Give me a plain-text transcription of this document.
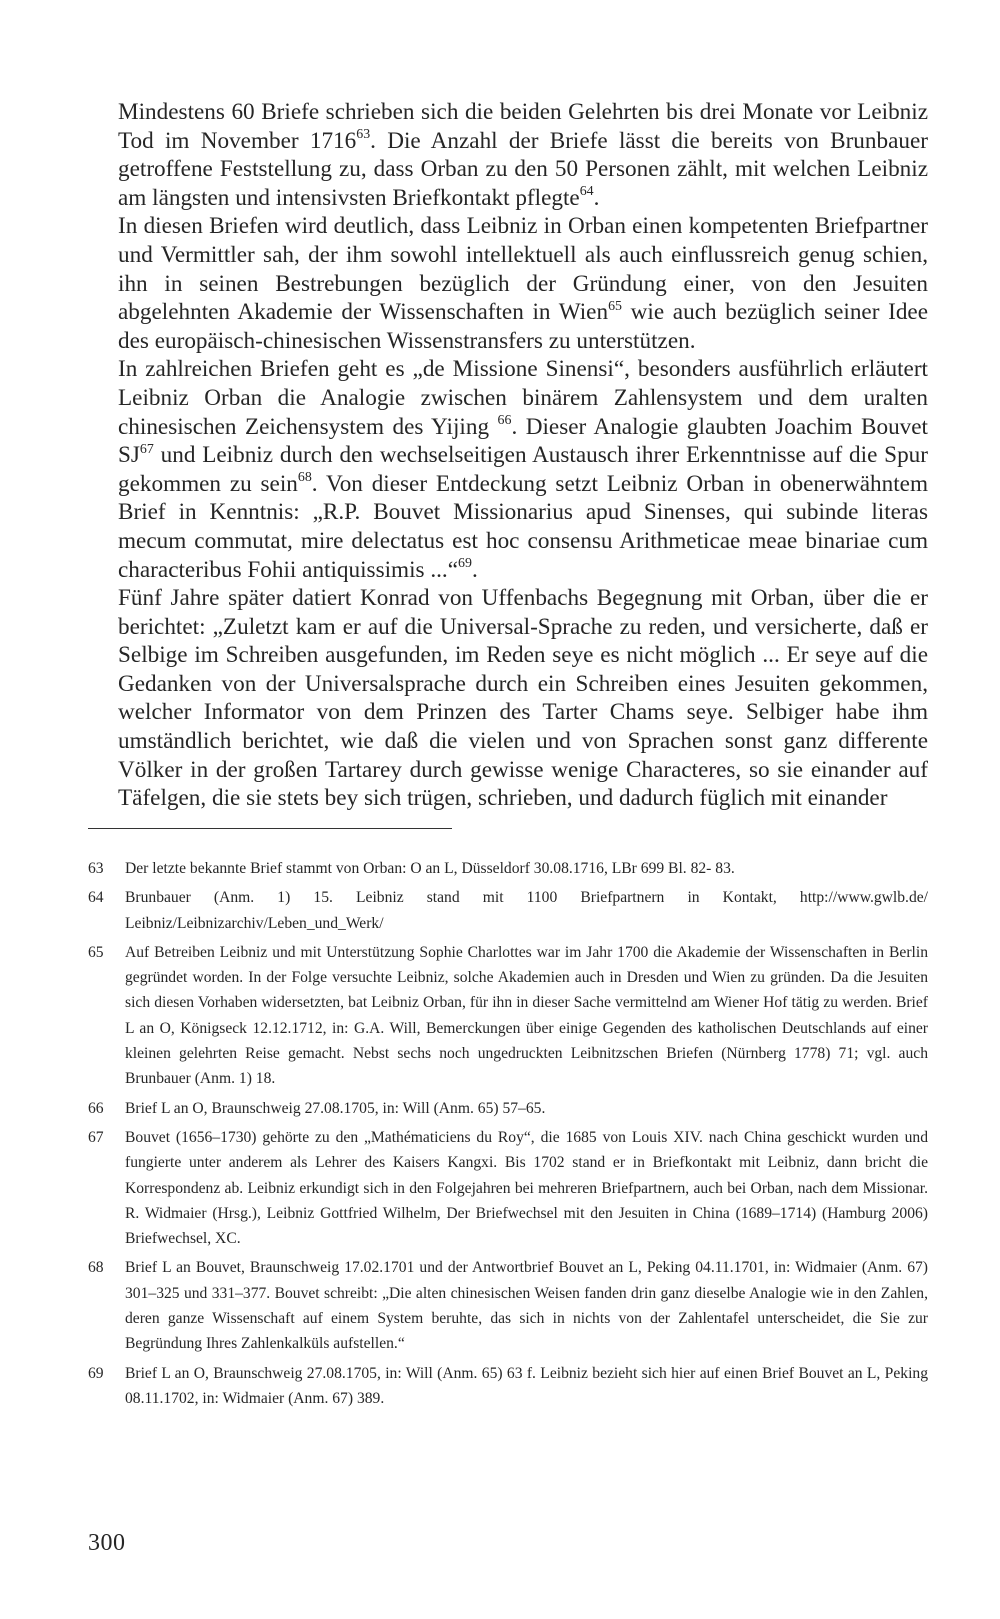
Mindestens 60 Briefe schrieben sich die beiden Gelehrten bis drei Monate vor Leibniz Tod im November 1716$^{63}$. Die Anzahl der Briefe lässt die bereits von Brunbauer getroffene Feststellung zu, dass Orban zu den 50 Personen zählt, mit welchen Leibniz am längsten und intensivsten Briefkontakt pflegte$^{64}$.

In diesen Briefen wird deutlich, dass Leibniz in Orban einen kompetenten Briefpartner und Vermittler sah, der ihm sowohl intellektuell als auch einflussreich genug schien, ihn in seinen Bestrebungen bezüglich der Gründung einer, von den Jesuiten abgelehnten Akademie der Wissenschaften in Wien$^{65}$ wie auch bezüglich seiner Idee des europäisch-chinesischen Wissenstransfers zu unterstützen.

In zahlreichen Briefen geht es „de Missione Sinensi“, besonders ausführlich erläutert Leibniz Orban die Analogie zwischen binärem Zahlensystem und dem uralten chinesischen Zeichensystem des Yijing $^{66}$. Dieser Analogie glaubten Joachim Bouvet SJ$^{67}$ und Leibniz durch den wechselseitigen Austausch ihrer Erkenntnisse auf die Spur gekommen zu sein$^{68}$. Von dieser Entdeckung setzt Leibniz Orban in obenerwähntem Brief in Kenntnis: „R.P. Bouvet Missionarius apud Sinenses, qui subinde literas mecum commutat, mire delectatus est hoc consensu Arithmeticae meae binariae cum characteribus Fohii antiquissimis ...“$^{69}$.

Fünf Jahre später datiert Konrad von Uffenbachs Begegnung mit Orban, über die er berichtet: „Zuletzt kam er auf die Universal-Sprache zu reden, und versicherte, daß er Selbige im Schreiben ausgefunden, im Reden seye es nicht möglich ... Er seye auf die Gedanken von der Universalsprache durch ein Schreiben eines Jesuiten gekommen, welcher Informator von dem Prinzen des Tarter Chams seye. Selbiger habe ihm umständlich berichtet, wie daß die vielen und von Sprachen sonst ganz differente Völker in der großen Tartarey durch gewisse wenige Characteres, so sie einander auf Täfelgen, die sie stets bey sich trügen, schrieben, und dadurch füglich mit einander

63	Der letzte bekannte Brief stammt von Orban: O an L, Düsseldorf 30.08.1716, LBr 699 Bl. 82- 83.
64	Brunbauer (Anm. 1) 15. Leibniz stand mit 1100 Briefpartnern in Kontakt, http://www.gwlb.de/ Leibniz/Leibnizarchiv/Leben_und_Werk/
65	Auf Betreiben Leibniz und mit Unterstützung Sophie Charlottes war im Jahr 1700 die Akademie der Wissenschaften in Berlin gegründet worden. In der Folge versuchte Leibniz, solche Akademien auch in Dresden und Wien zu gründen. Da die Jesuiten sich diesen Vorhaben widersetzten, bat Leibniz Orban, für ihn in dieser Sache vermittelnd am Wiener Hof tätig zu werden. Brief L an O, Königseck 12.12.1712, in: G.A. Will, Bemerckungen über einige Gegenden des katholischen Deutschlands auf einer kleinen gelehrten Reise gemacht. Nebst sechs noch ungedruckten Leibnitzschen Briefen (Nürnberg 1778) 71; vgl. auch Brunbauer (Anm. 1) 18.
66	Brief L an O, Braunschweig 27.08.1705, in: Will (Anm. 65) 57–65.
67	Bouvet (1656–1730) gehörte zu den „Mathématiciens du Roy“, die 1685 von Louis XIV. nach China geschickt wurden und fungierte unter anderem als Lehrer des Kaisers Kangxi. Bis 1702 stand er in Briefkontakt mit Leibniz, dann bricht die Korrespondenz ab. Leibniz erkundigt sich in den Folgejahren bei mehreren Briefpartnern, auch bei Orban, nach dem Missionar. R. Widmaier (Hrsg.), Leibniz Gottfried Wilhelm, Der Briefwechsel mit den Jesuiten in China (1689–1714) (Hamburg 2006) Briefwechsel, XC.
68	Brief L an Bouvet, Braunschweig 17.02.1701 und der Antwortbrief Bouvet an L, Peking 04.11.1701, in: Widmaier (Anm. 67) 301–325 und 331–377. Bouvet schreibt: „Die alten chinesischen Weisen fanden drin ganz dieselbe Analogie wie in den Zahlen, deren ganze Wissenschaft auf einem System beruhte, das sich in nichts von der Zahlentafel unterscheidet, die Sie zur Begründung Ihres Zahlenkalküls aufstellen.“
69	Brief L an O, Braunschweig 27.08.1705, in: Will (Anm. 65) 63 f. Leibniz bezieht sich hier auf einen Brief Bouvet an L, Peking 08.11.1702, in: Widmaier (Anm. 67) 389.
300
